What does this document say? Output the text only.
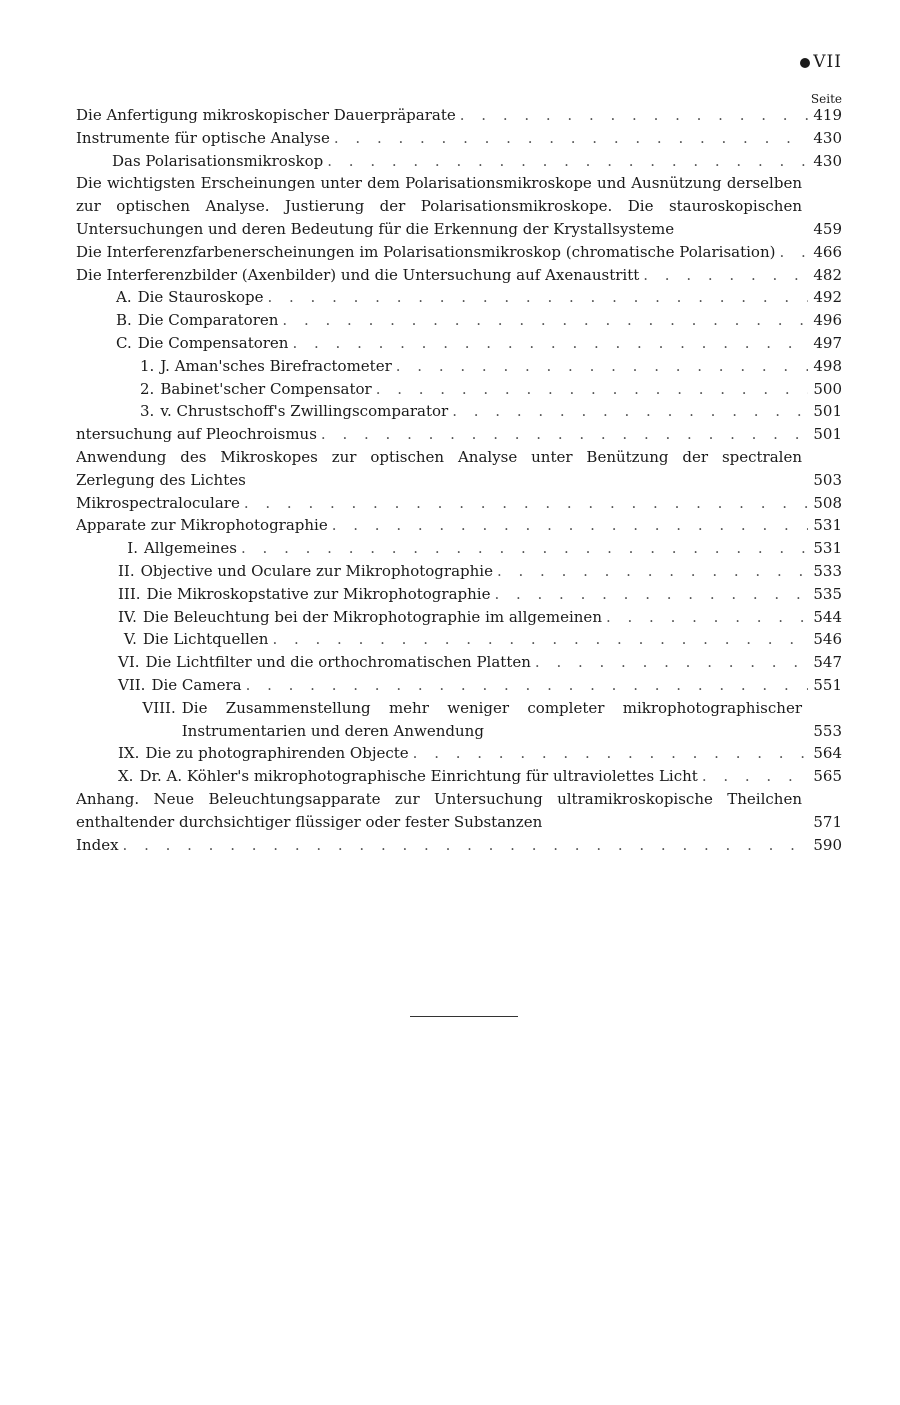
VII
Seite
Die Anfertigung mikroskopischer Dauerpräparate . . .	419
Instrumente für optische Analyse . . .	430
Das Polarisationsmikroskop . . .	430
Die wichtigsten Erscheinungen unter dem Polarisationsmikroskope und Ausnützung derselben zur optischen Analyse. Justierung der Polarisationsmikroskope. Die stauroskopischen Untersuchungen und deren Bedeutung für die Erkennung der Krystallsysteme	459
Die Interferenzfarbenerscheinungen im Polarisationsmikroskop (chromatische Polarisation) . . .	466
Die Interferenzbilder (Axenbilder) und die Untersuchung auf Axenaustritt . . .	482
A. Die Stauroskope . . .	492
B. Die Comparatoren . . .	496
C. Die Compensatoren . . .	497
1. J. Aman'sches Birefractometer . . .	498
2. Babinet'scher Compensator . . .	500
3. v. Chrustschoff's Zwillingscomparator . . .	501
ntersuchung auf Pleochroismus . . .	501
Anwendung des Mikroskopes zur optischen Analyse unter Benützung der spectralen Zerlegung des Lichtes	503
Mikrospectraloculare . . .	508
Apparate zur Mikrophotographie . . .	531
I. Allgemeines . . .	531
II. Objective und Oculare zur Mikrophotographie . . .	533
III. Die Mikroskopstative zur Mikrophotographie . . .	535
IV. Die Beleuchtung bei der Mikrophotographie im allgemeinen . . .	544
V. Die Lichtquellen . . .	546
VI. Die Lichtfilter und die orthochromatischen Platten . . .	547
VII. Die Camera . . .	551
VIII. Die Zusammenstellung mehr weniger completer mikrophotographischer Instrumentarien und deren Anwendung	553
IX. Die zu photographirenden Objecte . . .	564
X. Dr. A. Köhler's mikrophotographische Einrichtung für ultraviolettes Licht . . .	565
Anhang. Neue Beleuchtungsapparate zur Untersuchung ultramikroskopische Theilchen enthaltender durchsichtiger flüssiger oder fester Substanzen	571
Index . . .	590
